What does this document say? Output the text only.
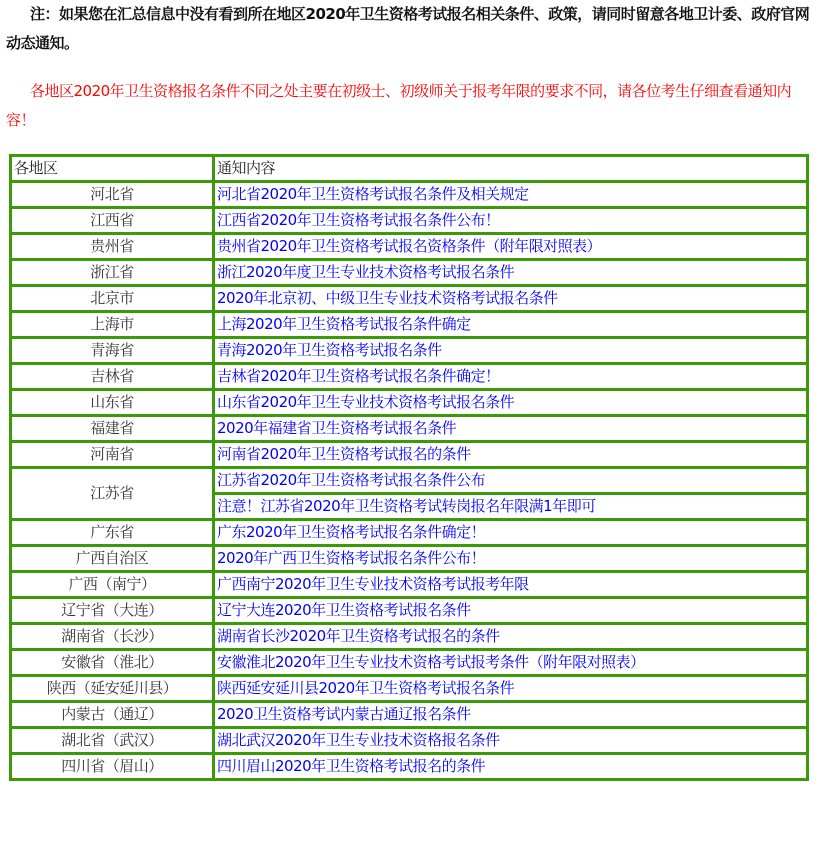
注：如果您在汇总信息中没有看到所在地区2020年卫生资格考试报名相关条件、政策，请同时留意各地卫计委、政府官网动态通知。
各地区2020年卫生资格报名条件不同之处主要在初级士、初级师关于报考年限的要求不同，请各位考生仔细查看通知内容！
各地区	通知内容
河北省	河北省2020年卫生资格考试报名条件及相关规定
江西省	江西省2020年卫生资格考试报名条件公布！
贵州省	贵州省2020年卫生资格考试报名资格条件（附年限对照表）
浙江省	浙江2020年度卫生专业技术资格考试报名条件
北京市	2020年北京初、中级卫生专业技术资格考试报名条件
上海市	上海2020年卫生资格考试报名条件确定
青海省	青海2020年卫生资格考试报名条件
吉林省	吉林省2020年卫生资格考试报名条件确定！
山东省	山东省2020年卫生专业技术资格考试报名条件
福建省	2020年福建省卫生资格考试报名条件
河南省	河南省2020年卫生资格考试报名的条件
江苏省	江苏省2020年卫生资格考试报名条件公布
	注意！江苏省2020年卫生资格考试转岗报名年限满1年即可
广东省	广东2020年卫生资格考试报名条件确定！
广西自治区	2020年广西卫生资格考试报名条件公布！
广西（南宁）	广西南宁2020年卫生专业技术资格考试报考年限
辽宁省（大连）	辽宁大连2020年卫生资格考试报名条件
湖南省（长沙）	湖南省长沙2020年卫生资格考试报名的条件
安徽省（淮北）	安徽淮北2020年卫生专业技术资格考试报考条件（附年限对照表）
陕西（延安延川县）	陕西延安延川县2020年卫生资格考试报名条件
内蒙古（通辽）	2020卫生资格考试内蒙古通辽报名条件
湖北省（武汉）	湖北武汉2020年卫生专业技术资格报名条件
四川省（眉山）	四川眉山2020年卫生资格考试报名的条件
